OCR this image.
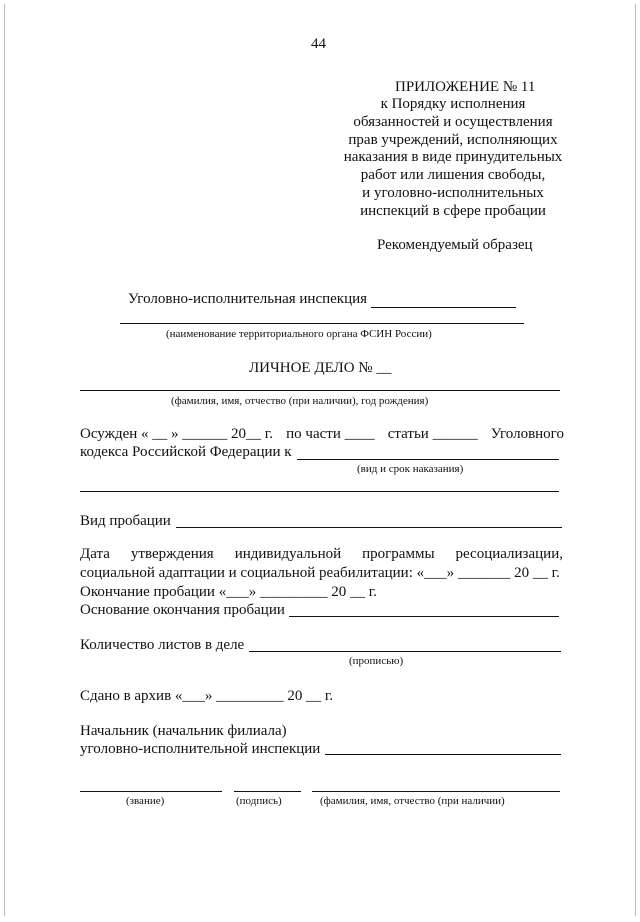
44
ПРИЛОЖЕНИЕ № 11
к Порядку исполнения
обязанностей и осуществления
прав учреждений, исполняющих
наказания в виде принудительных
работ или лишения свободы,
и уголовно-исполнительных
инспекций в сфере пробации
Рекомендуемый образец
Уголовно-исполнительная инспекция
(наименование территориального органа ФСИН России)
ЛИЧНОЕ ДЕЛО № __
(фамилия, имя, отчество (при наличии), год рождения)
Осужден « __ » ______ 20__ г. по части ____ статьи ______ Уголовного
кодекса Российской Федерации к
(вид и срок наказания)
Вид пробации
Дата утверждения индивидуальной программы ресоциализации,
социальной адаптации и социальной реабилитации: «___» _______ 20 __ г.
Окончание пробации «___» _________ 20 __ г.
Основание окончания пробации
Количество листов в деле
(прописью)
Сдано в архив «___» _________ 20 __ г.
Начальник (начальник филиала)
уголовно-исполнительной инспекции
(звание)	(подпись)	(фамилия, имя, отчество (при наличии)
